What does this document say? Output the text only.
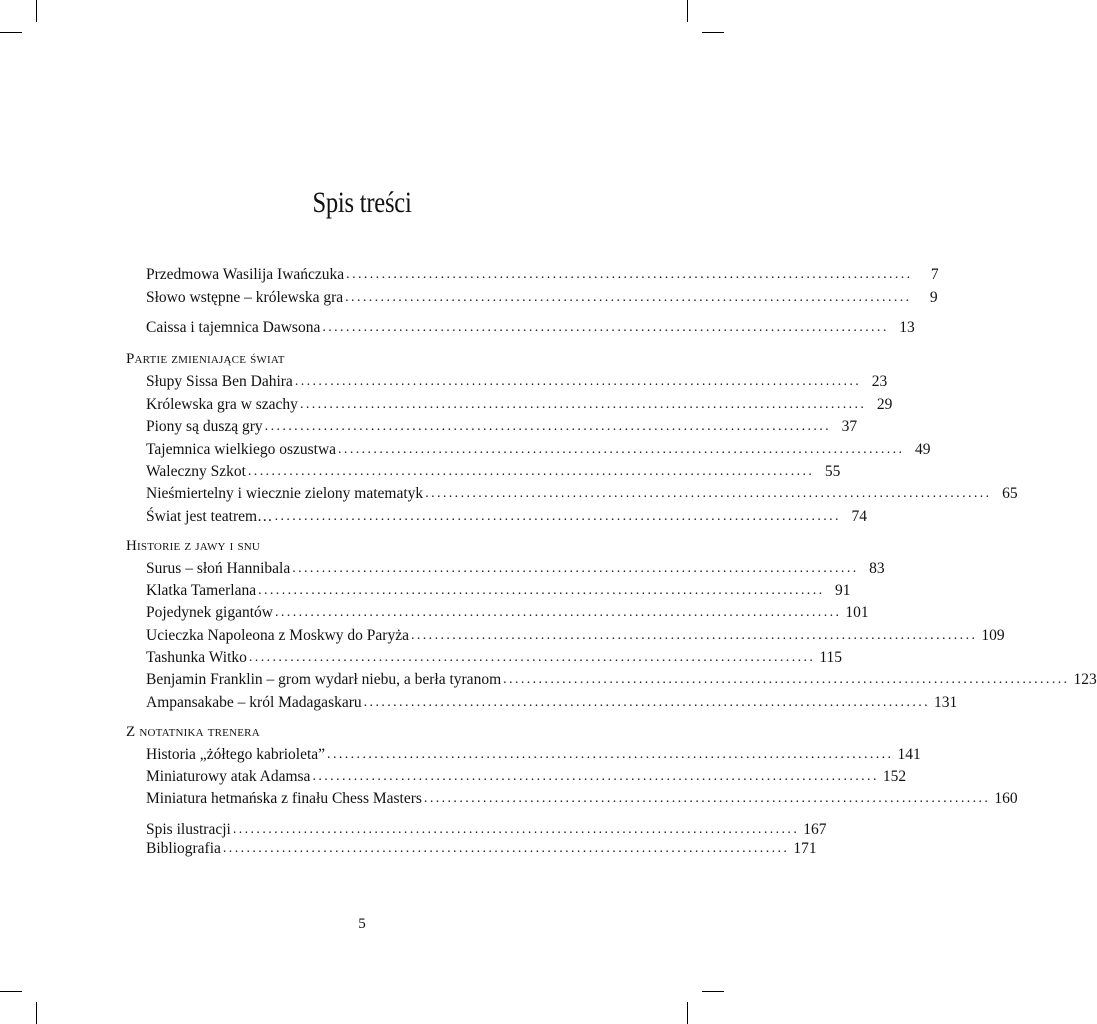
Spis treści
Przedmowa Wasilija Iwańczuka ................................................................................................	7
Słowo wstępne – królewska gra ................................................................................................	9
Caissa i tajemnica Dawsona ................................................................................................ 13
Partie zmieniające świat
Słupy Sissa Ben Dahira ................................................................................................ 23
Królewska gra w szachy ................................................................................................ 29
Piony są duszą gry ................................................................................................ 37
Tajemnica wielkiego oszustwa ................................................................................................ 49
Waleczny Szkot ................................................................................................ 55
Nieśmiertelny i wiecznie zielony matematyk ................................................................................................ 65
Świat jest teatrem… ................................................................................................ 74
Historie z jawy i snu
Surus – słoń Hannibala ................................................................................................ 83
Klatka Tamerlana ................................................................................................ 91
Pojedynek gigantów ................................................................................................ 101
Ucieczka Napoleona z Moskwy do Paryża ................................................................................................ 109
Tashunka Witko ................................................................................................ 115
Benjamin Franklin – grom wydarł niebu, a berła tyranom ................................................................................................ 123
Ampansakabe – król Madagaskaru ................................................................................................ 131
Z notatnika trenera
Historia „żółtego kabrioleta” ................................................................................................ 141
Miniaturowy atak Adamsa ................................................................................................ 152
Miniatura hetmańska z finału Chess Masters ................................................................................................ 160
Spis ilustracji ................................................................................................ 167
Bibliografia ................................................................................................ 171
5
